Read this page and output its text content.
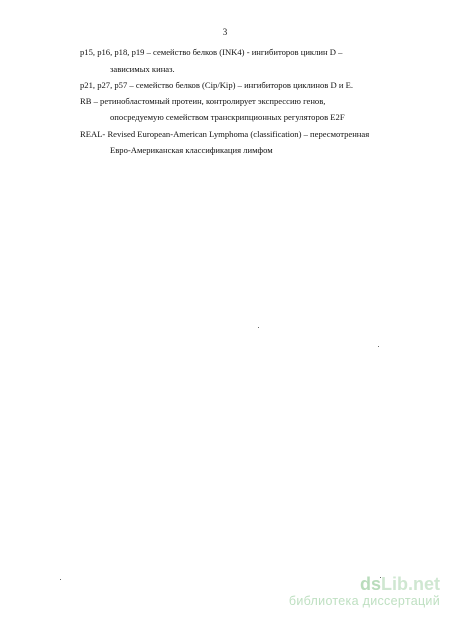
3
p15, p16, p18, p19 – семейство белков (INK4) - ингибиторов циклин D –
зависимых киназ.
p21, p27, p57 – семейство белков (Cip/Kip) – ингибиторов циклинов D и E.
RB – ретинобластомный протеин, контролирует экспрессию генов,
опосредуемую семейством транскрипционных регуляторов E2F
REAL- Revised European-American Lymphoma (classification) – пересмотренная
Евро-Американская классификация лимфом
dsLib.net
библиотека диссертаций
